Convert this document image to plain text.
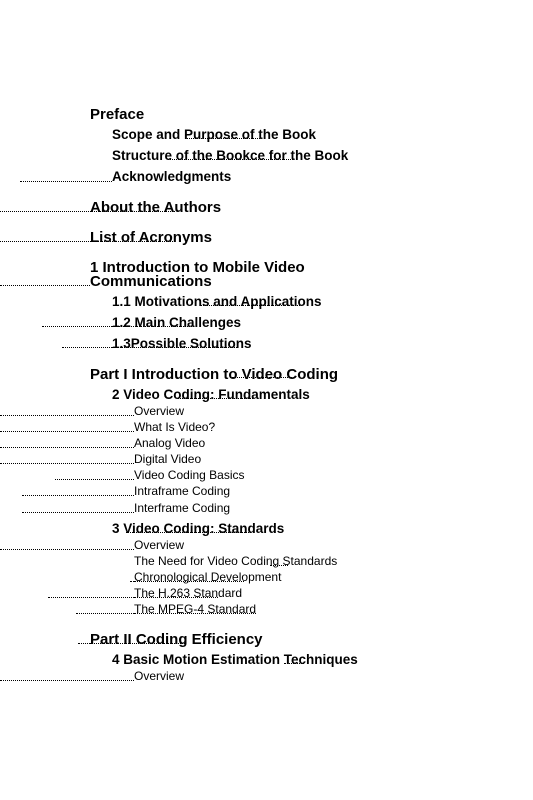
Preface
Scope and Purpose of the Book
Structure of the Bookce for the Book
Acknowledgments
About the Authors
List of Acronyms
1 Introduction to Mobile Video
Communications
1.1 Motivations and Applications
1.2 Main Challenges
1.3Possible Solutions
Part I Introduction to Video Coding
2 Video Coding: Fundamentals
Overview
What Is Video?
Analog Video
Digital Video
Video Coding Basics
Intraframe Coding
Interframe Coding
3 Video Coding: Standards
Overview
The Need for Video Coding Standards
Chronological Development
The H.263 Standard
The MPEG-4 Standard
Part II Coding Efficiency
4 Basic Motion Estimation Techniques
Overview
